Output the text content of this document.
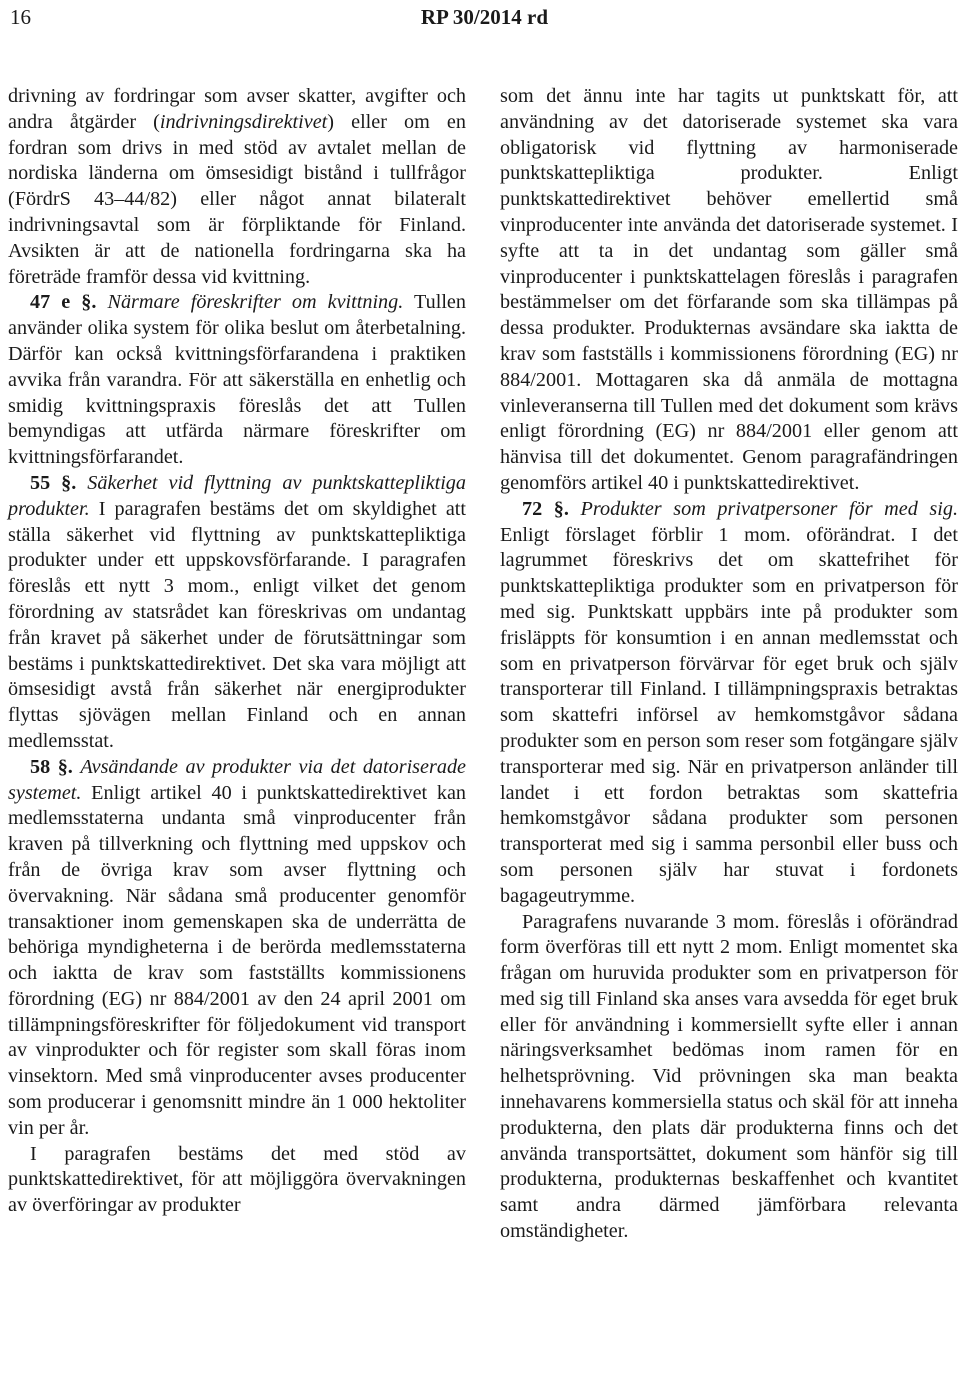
16	RP 30/2014 rd

drivning av fordringar som avser skatter, avgifter och andra åtgärder (indrivningsdirektivet) eller om en fordran som drivs in med stöd av avtalet mellan de nordiska länderna om ömsesidigt bistånd i tullfrågor (FördrS 43–44/82) eller något annat bilateralt indrivningsavtal som är förpliktande för Finland. Avsikten är att de nationella fordringarna ska ha företräde framför dessa vid kvittning.

47 e §. Närmare föreskrifter om kvittning. Tullen använder olika system för olika beslut om återbetalning. Därför kan också kvittningsförfarandena i praktiken avvika från varandra. För att säkerställa en enhetlig och smidig kvittningspraxis föreslås det att Tullen bemyndigas att utfärda närmare föreskrifter om kvittningsförfarandet.

55 §. Säkerhet vid flyttning av punktskattepliktiga produkter. I paragrafen bestäms det om skyldighet att ställa säkerhet vid flyttning av punktskattepliktiga produkter under ett uppskovsförfarande. I paragrafen föreslås ett nytt 3 mom., enligt vilket det genom förordning av statsrådet kan föreskrivas om undantag från kravet på säkerhet under de förutsättningar som bestäms i punktskattedirektivet. Det ska vara möjligt att ömsesidigt avstå från säkerhet när energiprodukter flyttas sjövägen mellan Finland och en annan medlemsstat.

58 §. Avsändande av produkter via det datoriserade systemet. Enligt artikel 40 i punktskattedirektivet kan medlemsstaterna undanta små vinproducenter från kraven på tillverkning och flyttning med uppskov och från de övriga krav som avser flyttning och övervakning. När sådana små producenter genomför transaktioner inom gemenskapen ska de underrätta de behöriga myndigheterna i de berörda medlemsstaterna och iaktta de krav som fastställts kommissionens förordning (EG) nr 884/2001 av den 24 april 2001 om tillämpningsföreskrifter för följedokument vid transport av vinprodukter och för register som skall föras inom vinsektorn. Med små vinproducenter avses producenter som producerar i genomsnitt mindre än 1 000 hektoliter vin per år.

I paragrafen bestäms det med stöd av punktskattedirektivet, för att möjliggöra övervakningen av överföringar av produkter

som det ännu inte har tagits ut punktskatt för, att användning av det datoriserade systemet ska vara obligatorisk vid flyttning av harmoniserade punktskattepliktiga produkter. Enligt punktskattedirektivet behöver emellertid små vinproducenter inte använda det datoriserade systemet. I syfte att ta in det undantag som gäller små vinproducenter i punktskattelagen föreslås i paragrafen bestämmelser om det förfarande som ska tillämpas på dessa produkter. Produkternas avsändare ska iaktta de krav som fastställs i kommissionens förordning (EG) nr 884/2001. Mottagaren ska då anmäla de mottagna vinleveranserna till Tullen med det dokument som krävs enligt förordning (EG) nr 884/2001 eller genom att hänvisa till det dokumentet. Genom paragrafändringen genomförs artikel 40 i punktskattedirektivet.

72 §. Produkter som privatpersoner för med sig. Enligt förslaget förblir 1 mom. oförändrat. I det lagrummet föreskrivs det om skattefrihet för punktskattepliktiga produkter som en privatperson för med sig. Punktskatt uppbärs inte på produkter som frisläppts för konsumtion i en annan medlemsstat och som en privatperson förvärvar för eget bruk och själv transporterar till Finland. I tillämpningspraxis betraktas som skattefri införsel av hemkomstgåvor sådana produkter som en person som reser som fotgängare själv transporterar med sig. När en privatperson anländer till landet i ett fordon betraktas som skattefria hemkomstgåvor sådana produkter som personen transporterat med sig i samma personbil eller buss och som personen själv har stuvat i fordonets bagageutrymme.

Paragrafens nuvarande 3 mom. föreslås i oförändrad form överföras till ett nytt 2 mom. Enligt momentet ska frågan om huruvida produkter som en privatperson för med sig till Finland ska anses vara avsedda för eget bruk eller för användning i kommersiellt syfte eller i annan näringsverksamhet bedömas inom ramen för en helhetsprövning. Vid prövningen ska man beakta innehavarens kommersiella status och skäl för att inneha produkterna, den plats där produkterna finns och det använda transportsättet, dokument som hänför sig till produkterna, produkternas beskaffenhet och kvantitet samt andra därmed jämförbara relevanta omständigheter.
